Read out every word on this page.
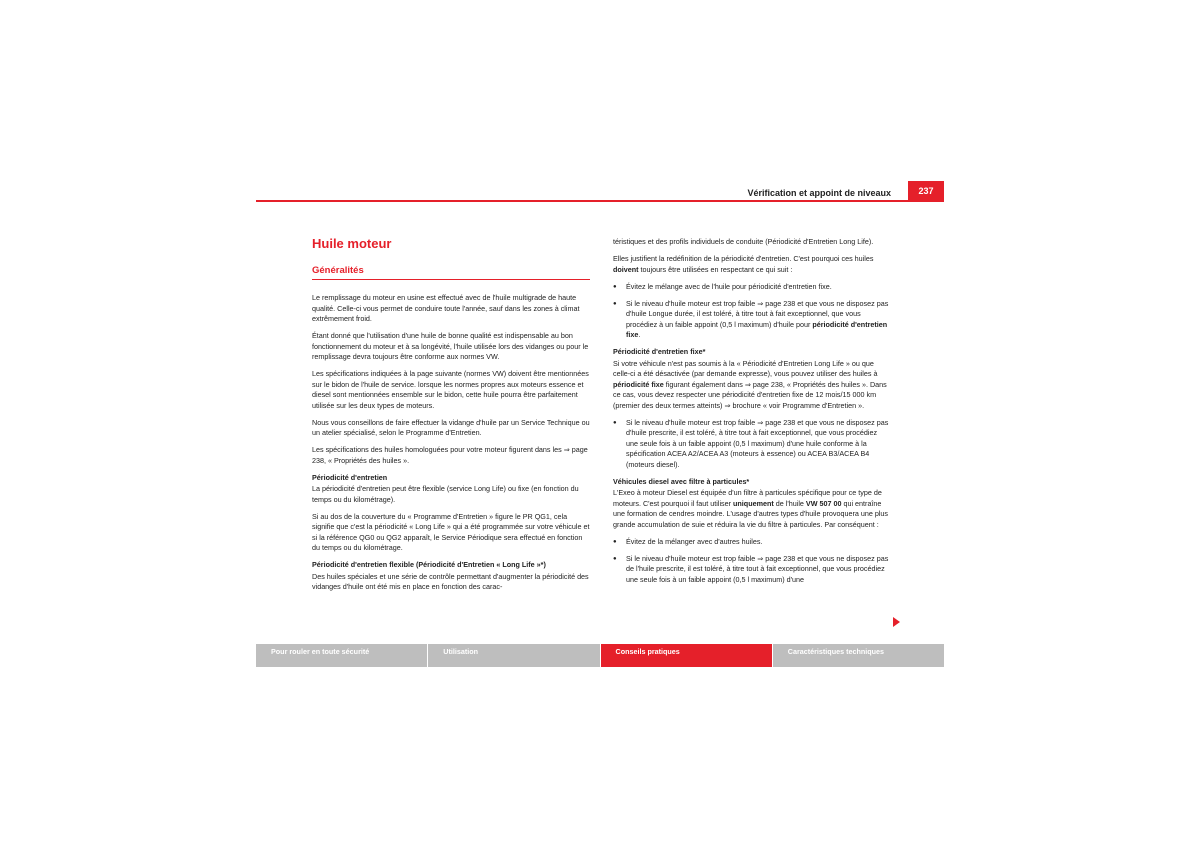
Vérification et appoint de niveaux	237
Huile moteur
Généralités

Le remplissage du moteur en usine est effectué avec de l'huile multigrade de haute qualité. Celle-ci vous permet de conduire toute l'année, sauf dans les zones à climat extrêmement froid.

Étant donné que l'utilisation d'une huile de bonne qualité est indispensable au bon fonctionnement du moteur et à sa longévité, l'huile utilisée lors des vidanges ou pour le remplissage devra toujours être conforme aux normes VW.

Les spécifications indiquées à la page suivante (normes VW) doivent être mentionnées sur le bidon de l'huile de service. lorsque les normes propres aux moteurs essence et diesel sont mentionnées ensemble sur le bidon, cette huile pourra être parfaitement utilisée sur les deux types de moteurs.

Nous vous conseillons de faire effectuer la vidange d'huile par un Service Technique ou un atelier spécialisé, selon le Programme d'Entretien.

Les spécifications des huiles homologuées pour votre moteur figurent dans les ⇒ page 238, « Propriétés des huiles ».

Périodicité d'entretien

La périodicité d'entretien peut être flexible (service Long Life) ou fixe (en fonction du temps ou du kilométrage).

Si au dos de la couverture du « Programme d'Entretien » figure le PR QG1, cela signifie que c'est la périodicité « Long Life » qui a été programmée sur votre véhicule et si la référence QG0 ou QG2 apparaît, le Service Périodique sera effectué en fonction du temps ou du kilométrage.

Périodicité d'entretien flexible (Périodicité d'Entretien « Long Life »*)

Des huiles spéciales et une série de contrôle permettant d'augmenter la périodicité des vidanges d'huile ont été mis en place en fonction des carac-

téristiques et des profils individuels de conduite (Périodicité d'Entretien Long Life).

Elles justifient la redéfinition de la périodicité d'entretien. C'est pourquoi ces huiles doivent toujours être utilisées en respectant ce qui suit :

● Évitez le mélange avec de l'huile pour périodicité d'entretien fixe.

● Si le niveau d'huile moteur est trop faible ⇒ page 238 et que vous ne disposez pas d'huile Longue durée, il est toléré, à titre tout à fait exceptionnel, que vous procédiez à un faible appoint (0,5 l maximum) d'huile pour périodicité d'entretien fixe.

Périodicité d'entretien fixe*

Si votre véhicule n'est pas soumis à la « Périodicité d'Entretien Long Life » ou que celle-ci a été désactivée (par demande expresse), vous pouvez utiliser des huiles à périodicité fixe figurant également dans ⇒ page 238, « Propriétés des huiles ». Dans ce cas, vous devez respecter une périodicité d'entretien fixe de 12 mois/15 000 km (premier des deux termes atteints) ⇒ brochure « voir Programme d'Entretien ».

● Si le niveau d'huile moteur est trop faible ⇒ page 238 et que vous ne disposez pas d'huile prescrite, il est toléré, à titre tout à fait exceptionnel, que vous procédiez une seule fois à un faible appoint (0,5 l maximum) d'une huile conforme à la spécification ACEA A2/ACEA A3 (moteurs à essence) ou ACEA B3/ACEA B4 (moteurs diesel).

Véhicules diesel avec filtre à particules*

L'Exeo à moteur Diesel est équipée d'un filtre à particules spécifique pour ce type de moteurs. C'est pourquoi il faut utiliser uniquement de l'huile VW 507 00 qui entraîne une formation de cendres moindre. L'usage d'autres types d'huile provoquera une plus grande accumulation de suie et réduira la vie du filtre à particules. Par conséquent :

● Évitez de la mélanger avec d'autres huiles.

● Si le niveau d'huile moteur est trop faible ⇒ page 238 et que vous ne disposez pas de l'huile prescrite, il est toléré, à titre tout à fait exceptionnel, que vous procédiez une seule fois à un faible appoint (0,5 l maximum) d'une

Pour rouler en toute sécurité	Utilisation	Conseils pratiques	Caractéristiques techniques
